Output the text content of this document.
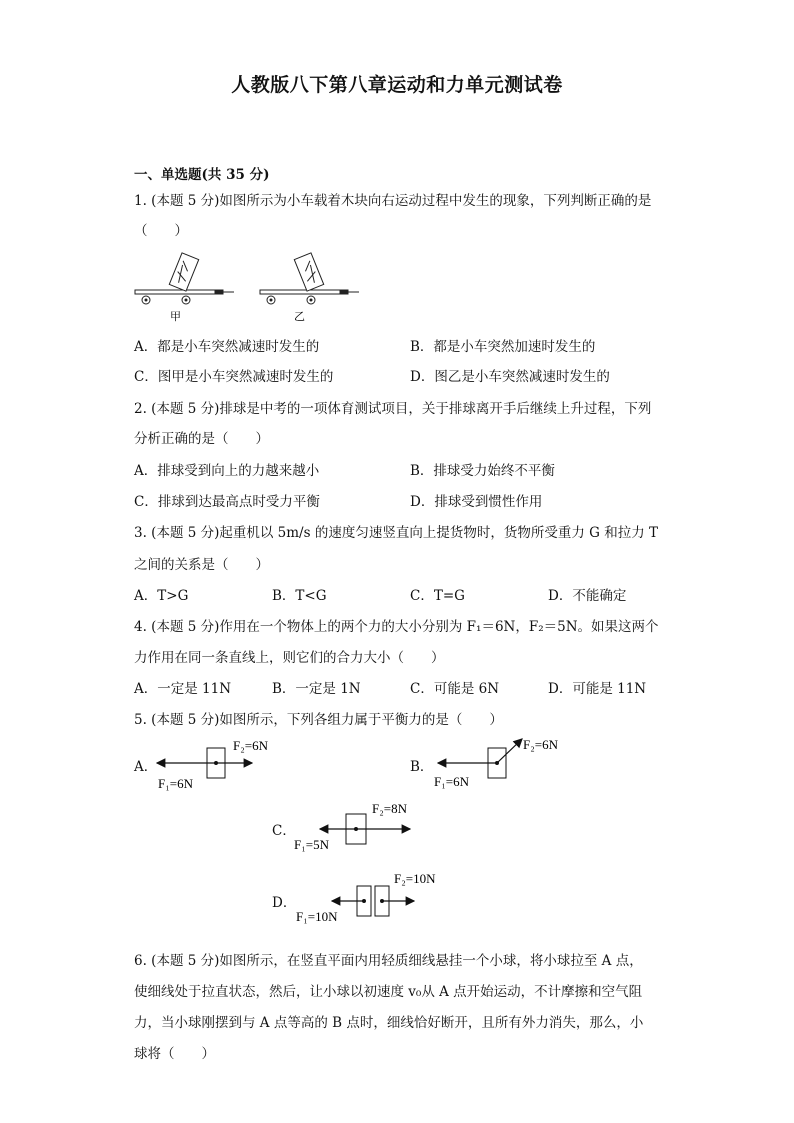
人教版八下第八章运动和力单元测试卷
一、单选题(共 35 分)
1. (本题 5 分)如图所示为小车载着木块向右运动过程中发生的现象，下列判断正确的是
（　　）
甲	乙
A．都是小车突然减速时发生的	B．都是小车突然加速时发生的
C．图甲是小车突然减速时发生的	D．图乙是小车突然减速时发生的
2. (本题 5 分)排球是中考的一项体育测试项目，关于排球离开手后继续上升过程，下列
分析正确的是（　　）
A．排球受到向上的力越来越小	B．排球受力始终不平衡
C．排球到达最高点时受力平衡	D．排球受到惯性作用
3. (本题 5 分)起重机以 5m/s 的速度匀速竖直向上提货物时，货物所受重力 G 和拉力 T
之间的关系是（　　）
A．T>G	B．T<G	C．T=G	D．不能确定
4. (本题 5 分)作用在一个物体上的两个力的大小分别为 F₁＝6N，F₂＝5N。如果这两个
力作用在同一条直线上，则它们的合力大小（　　）
A．一定是 11N	B．一定是 1N	C．可能是 6N	D．可能是 11N
5. (本题 5 分)如图所示，下列各组力属于平衡力的是（　　）
A．
F₂=6N
F₁=6N
B．
F₂=6N
F₁=6N
C．
F₂=8N
F₁=5N
D．
F₂=10N
F₁=10N
6. (本题 5 分)如图所示，在竖直平面内用轻质细线悬挂一个小球，将小球拉至 A 点，
使细线处于拉直状态，然后，让小球以初速度 v₀从 A 点开始运动，不计摩擦和空气阻
力，当小球刚摆到与 A 点等高的 B 点时，细线恰好断开，且所有外力消失，那么，小
球将（　　）
